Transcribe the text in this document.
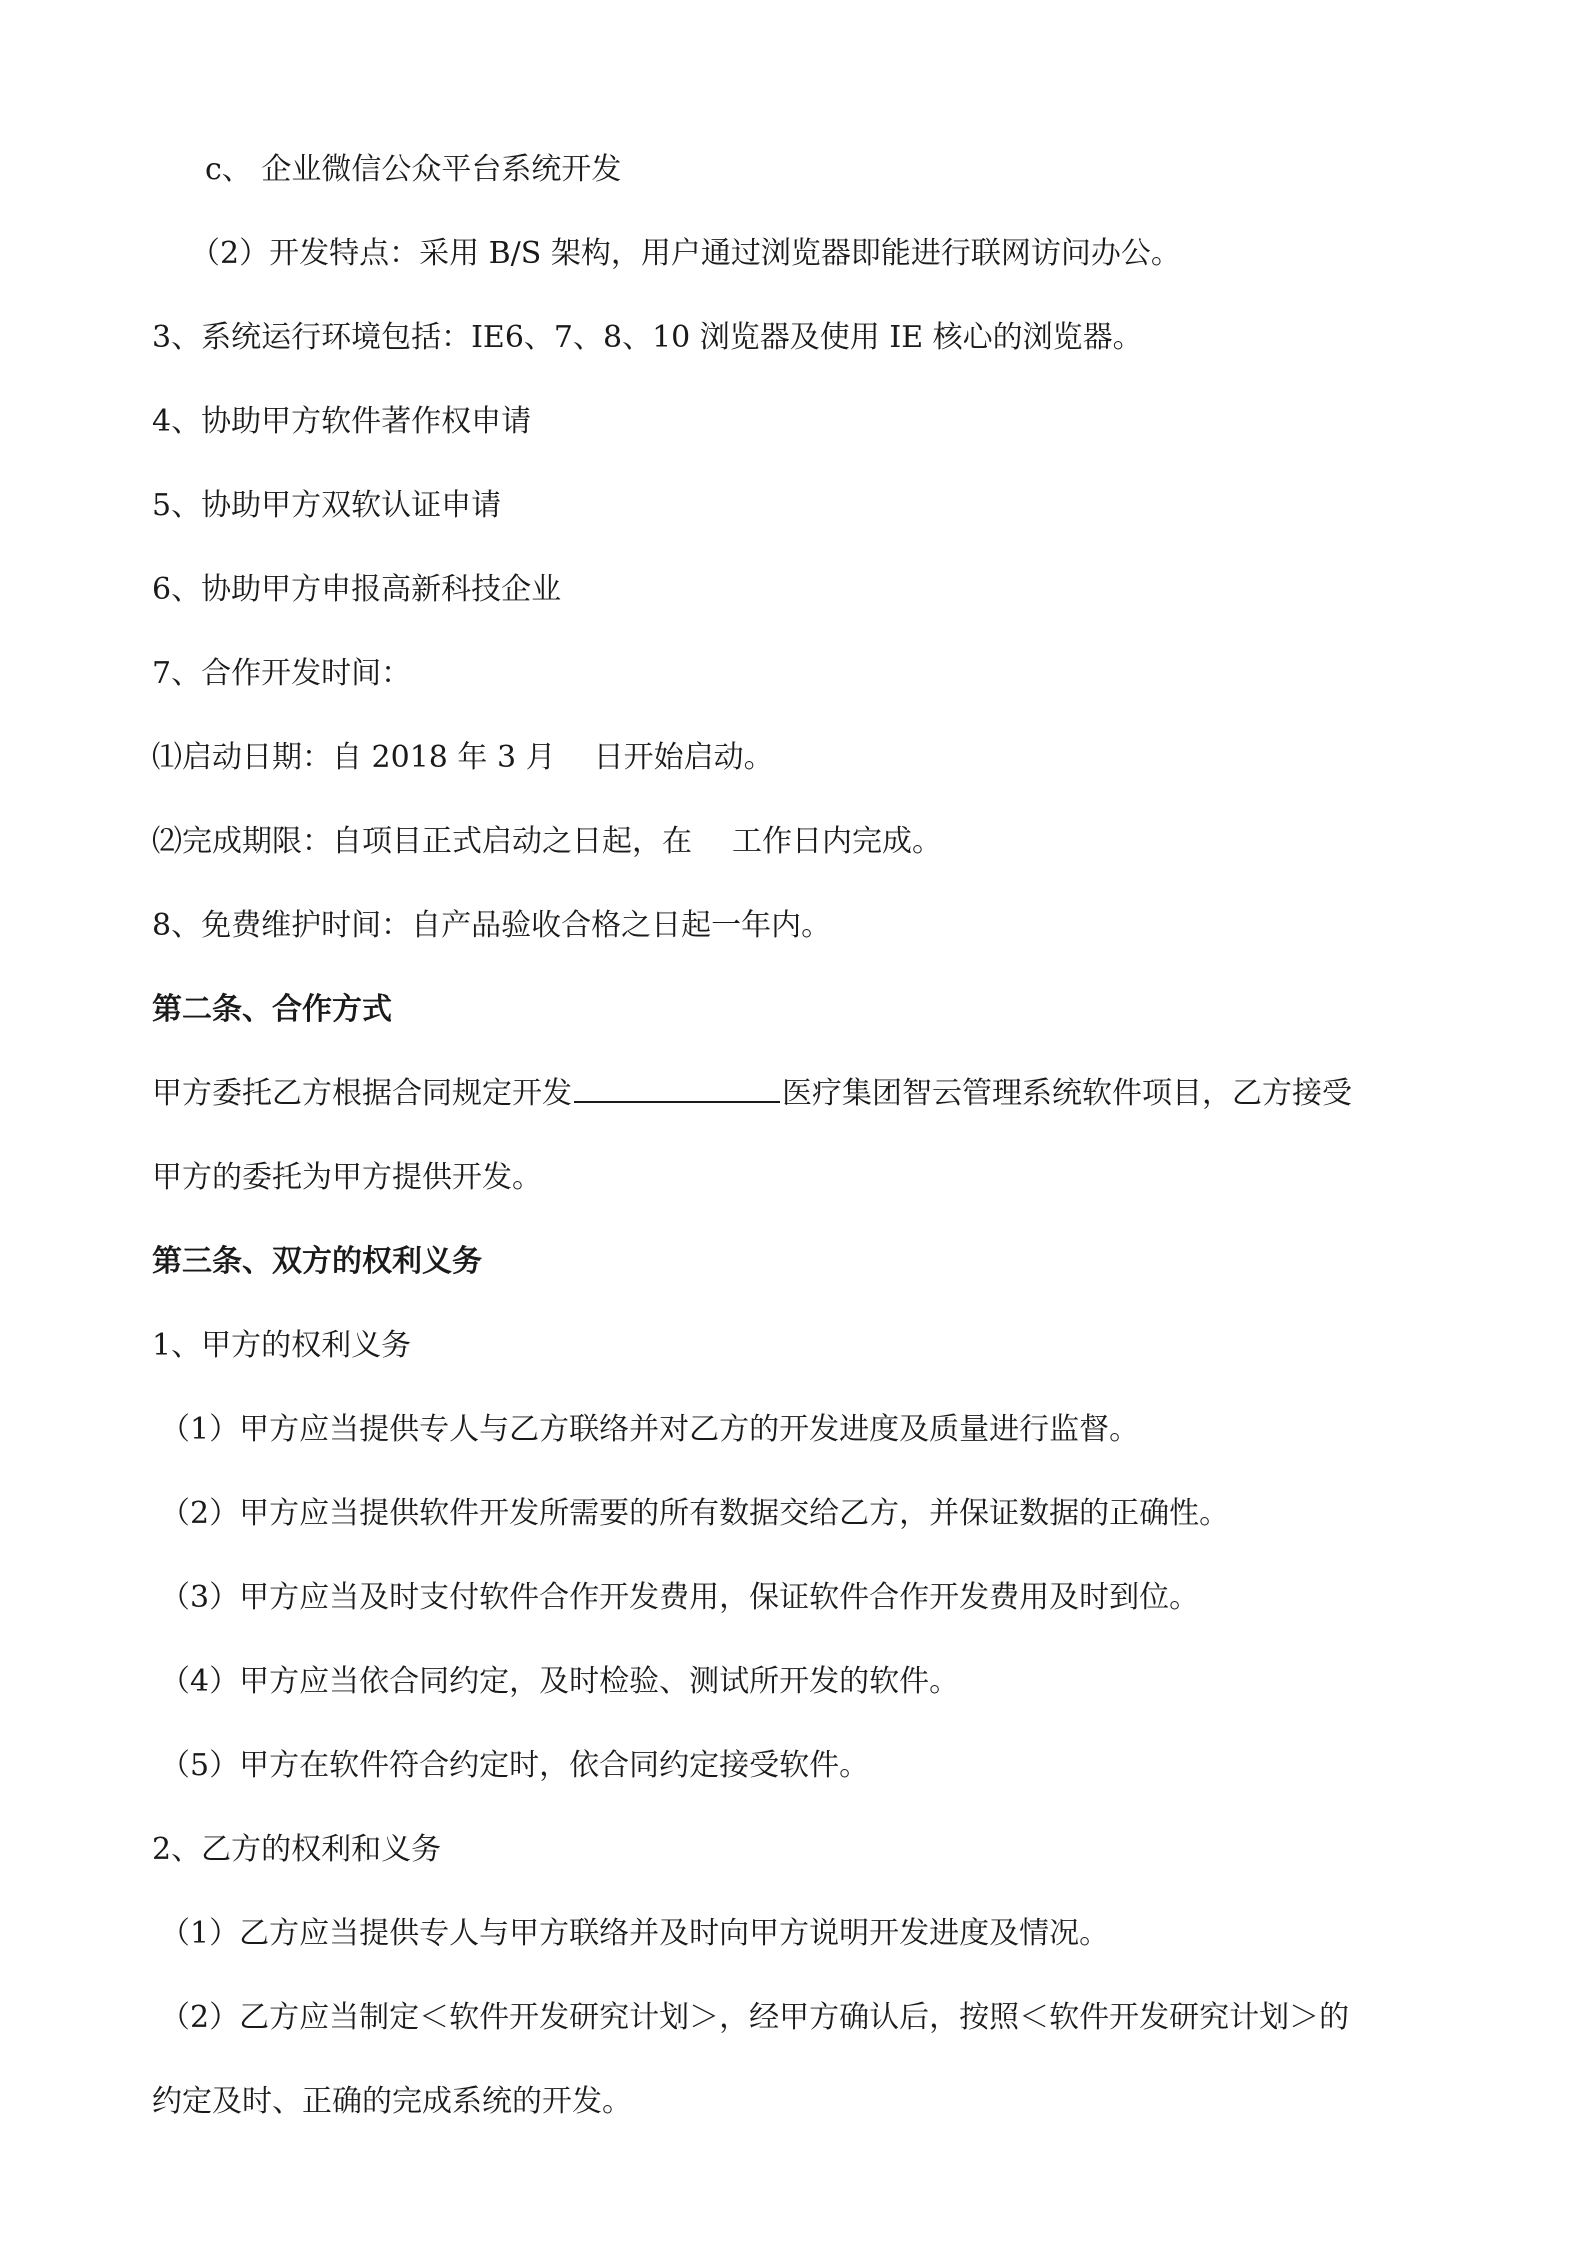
c、 企业微信公众平台系统开发
（2）开发特点：采用 B/S 架构，用户通过浏览器即能进行联网访问办公。
3、系统运行环境包括：IE6、7、8、10 浏览器及使用 IE 核心的浏览器。
4、协助甲方软件著作权申请
5、协助甲方双软认证申请
6、协助甲方申报高新科技企业
7、合作开发时间：
⑴启动日期：自 2018 年 3 月 日开始启动。
⑵完成期限：自项目正式启动之日起，在 工作日内完成。
8、免费维护时间：自产品验收合格之日起一年内。
第二条、合作方式
甲方委托乙方根据合同规定开发	医疗集团智云管理系统软件项目，乙方接受
甲方的委托为甲方提供开发。
第三条、双方的权利义务
1、甲方的权利义务
（1）甲方应当提供专人与乙方联络并对乙方的开发进度及质量进行监督。
（2）甲方应当提供软件开发所需要的所有数据交给乙方，并保证数据的正确性。
（3）甲方应当及时支付软件合作开发费用，保证软件合作开发费用及时到位。
（4）甲方应当依合同约定，及时检验、测试所开发的软件。
（5）甲方在软件符合约定时，依合同约定接受软件。
2、乙方的权利和义务
（1）乙方应当提供专人与甲方联络并及时向甲方说明开发进度及情况。
（2）乙方应当制定＜软件开发研究计划＞，经甲方确认后，按照＜软件开发研究计划＞的
约定及时、正确的完成系统的开发。
